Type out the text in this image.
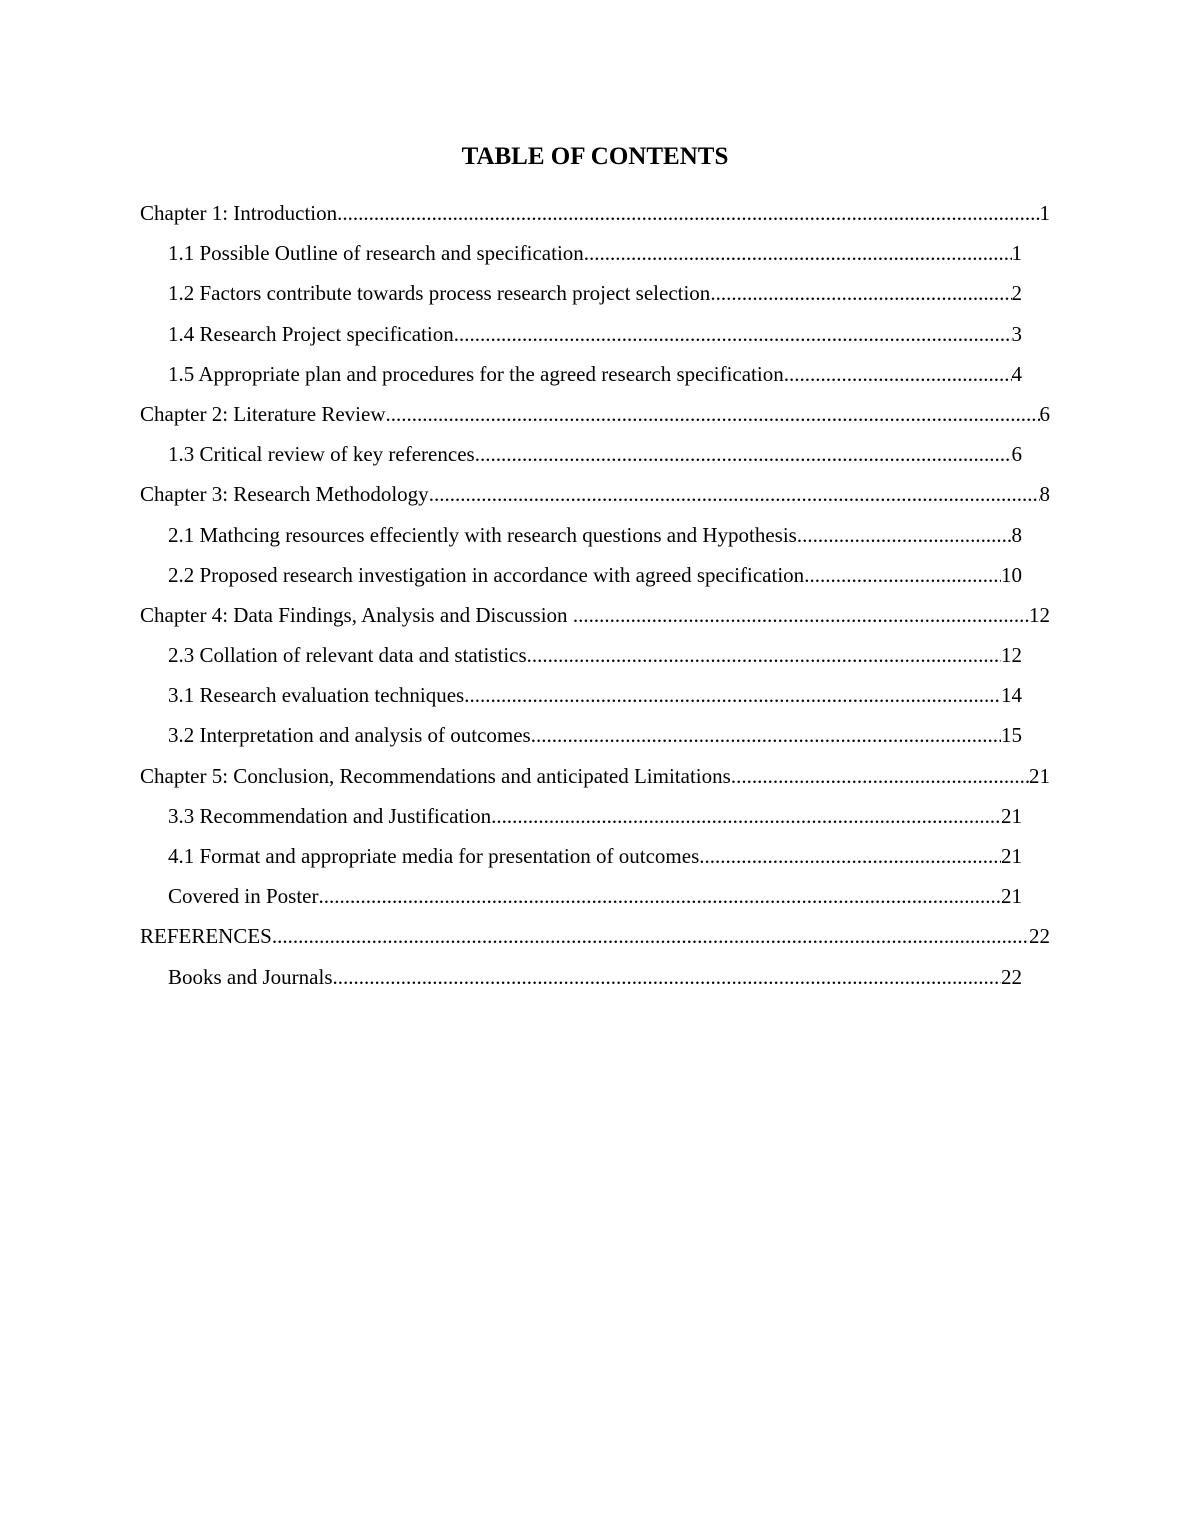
TABLE OF CONTENTS
Chapter 1: Introduction .....	1
1.1 Possible Outline of research and specification .....	1
1.2 Factors contribute towards process research project selection .....	2
1.4 Research Project specification .....	3
1.5 Appropriate plan and procedures for the agreed research specification .....	4
Chapter 2: Literature Review .....	6
1.3 Critical review of key references .....	6
Chapter 3: Research Methodology .....	8
2.1 Mathcing resources effeciently with research questions and Hypothesis .....	8
2.2 Proposed research investigation in accordance with agreed specification .....	10
Chapter 4: Data Findings, Analysis and Discussion .....	12
2.3 Collation of relevant data and statistics .....	12
3.1 Research evaluation techniques .....	14
3.2 Interpretation and analysis of outcomes .....	15
Chapter 5: Conclusion, Recommendations and anticipated Limitations .....	21
3.3 Recommendation and Justification .....	21
4.1 Format and appropriate media for presentation of outcomes .....	21
Covered in Poster .....	21
REFERENCES .....	22
Books and Journals .....	22
